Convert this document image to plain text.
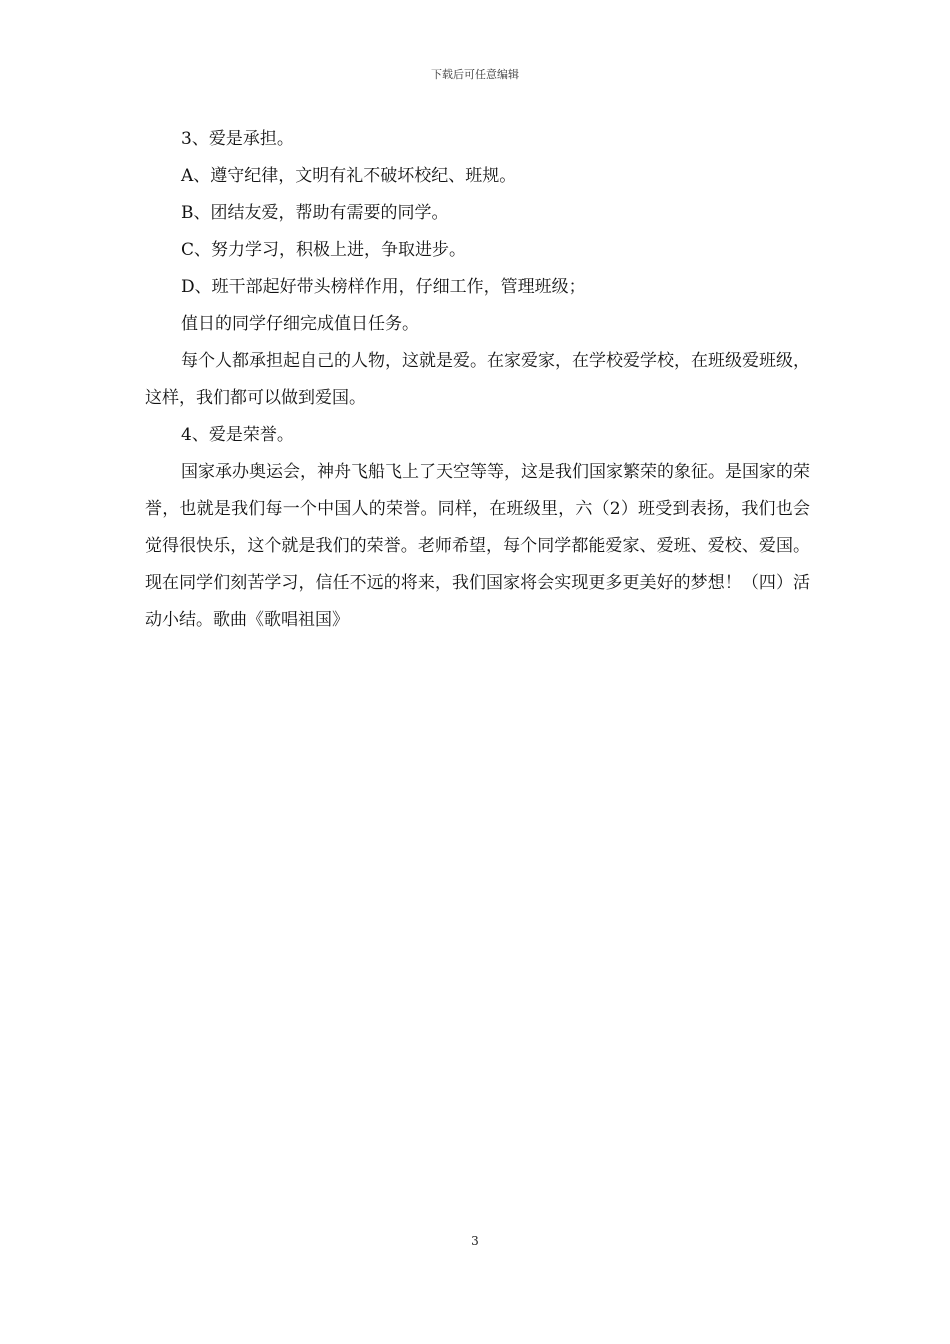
下载后可任意编辑
3、爱是承担。
A、遵守纪律，文明有礼不破坏校纪、班规。
B、团结友爱，帮助有需要的同学。
C、努力学习，积极上进，争取进步。
D、班干部起好带头榜样作用，仔细工作，管理班级；
值日的同学仔细完成值日任务。

每个人都承担起自己的人物，这就是爱。在家爱家，在学校爱学校，在班级爱班级，这样，我们都可以做到爱国。

4、爱是荣誉。

国家承办奥运会，神舟飞船飞上了天空等等，这是我们国家繁荣的象征。是国家的荣誉，也就是我们每一个中国人的荣誉。同样，在班级里，六（2）班受到表扬，我们也会觉得很快乐，这个就是我们的荣誉。老师希望，每个同学都能爱家、爱班、爱校、爱国。现在同学们刻苦学习，信任不远的将来，我们国家将会实现更多更美好的梦想！（四）活动小结。歌曲《歌唱祖国》

3
